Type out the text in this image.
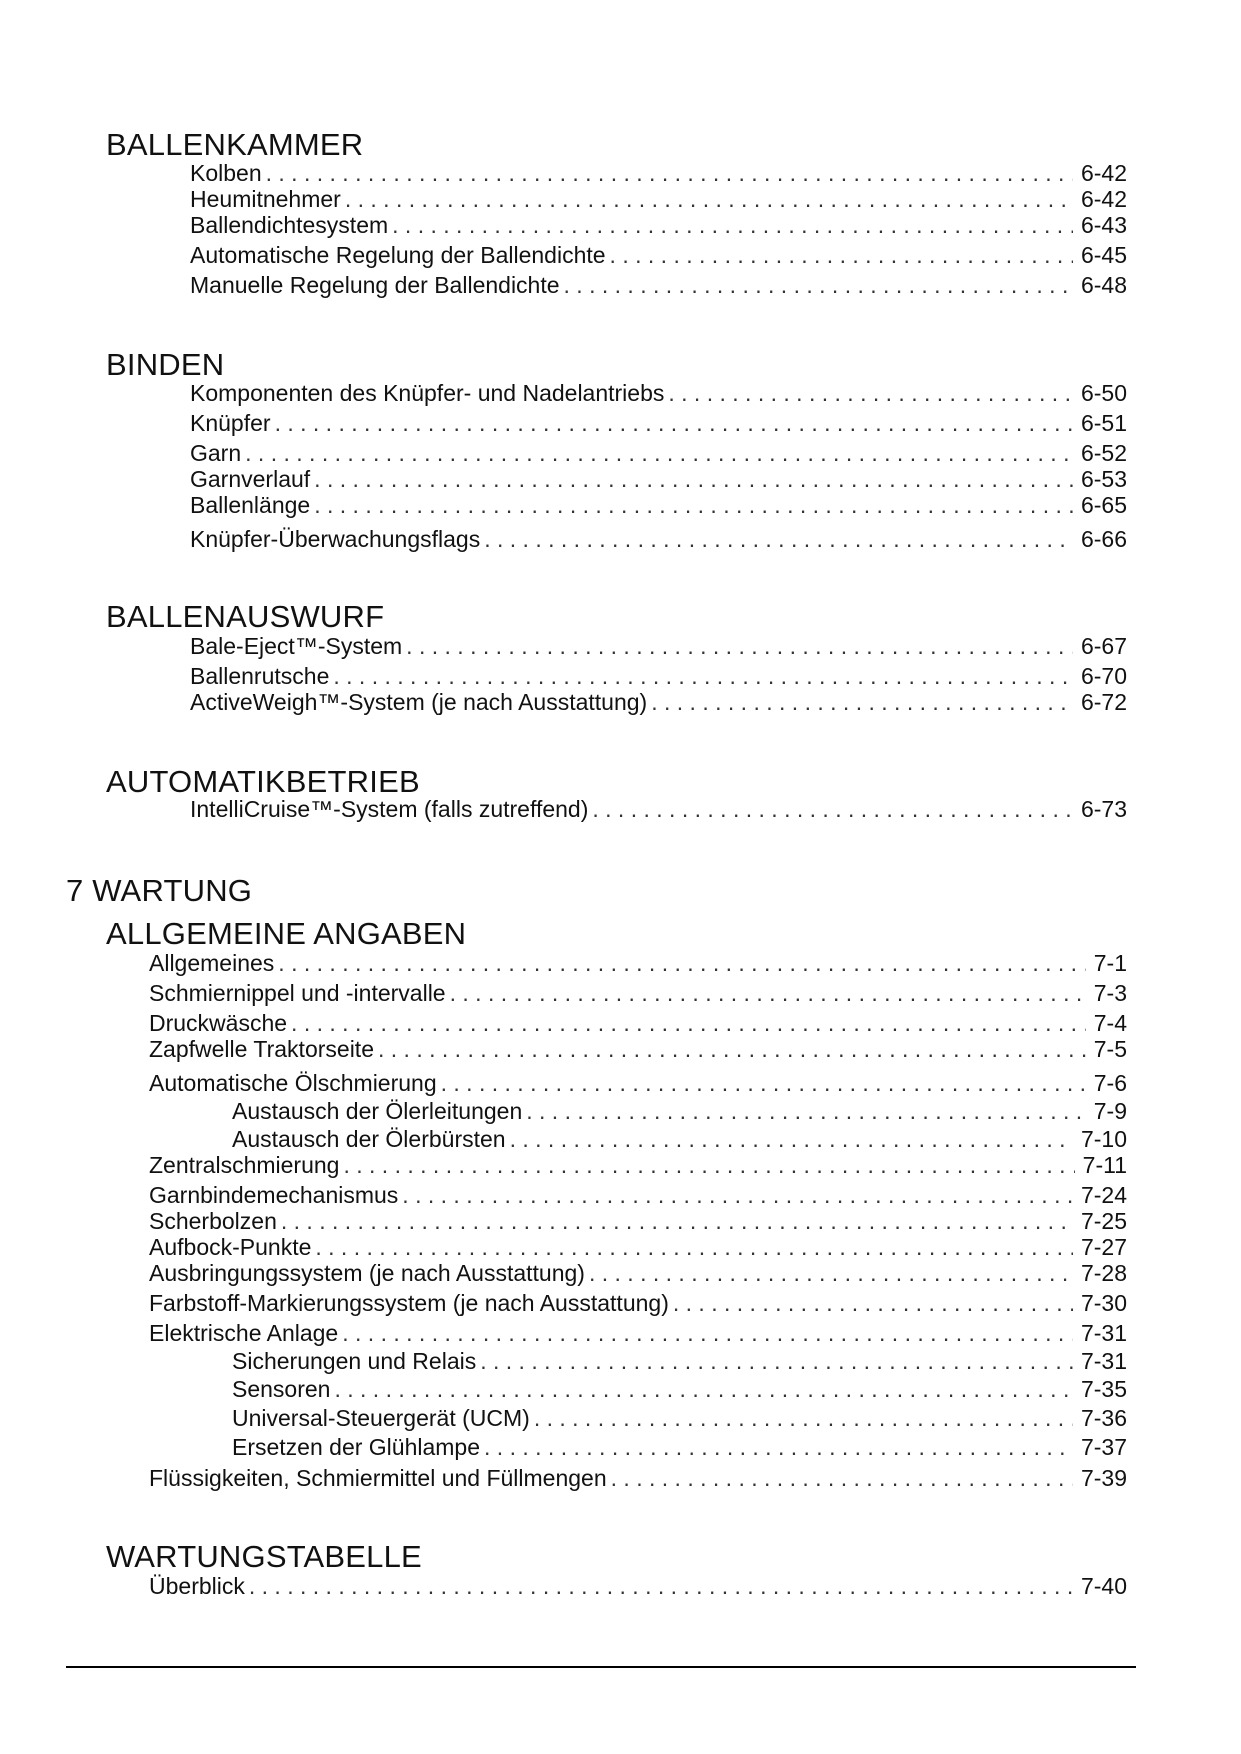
BALLENKAMMER
BINDEN
BALLENAUSWURF
AUTOMATIKBETRIEB
7 WARTUNG
ALLGEMEINE ANGABEN
WARTUNGSTABELLE
Kolben . . .	6-42
Heumitnehmer . . .	6-42
Ballendichtesystem . . .	6-43
Automatische Regelung der Ballendichte . . .	6-45
Manuelle Regelung der Ballendichte . . .	6-48
Komponenten des Knüpfer- und Nadelantriebs . . .	6-50
Knüpfer . . .	6-51
Garn . . .	6-52
Garnverlauf . . .	6-53
Ballenlänge . . .	6-65
Knüpfer-Überwachungsflags . . .	6-66
Bale-Eject™-System . . .	6-67
Ballenrutsche . . .	6-70
ActiveWeigh™-System (je nach Ausstattung) . . .	6-72
IntelliCruise™-System (falls zutreffend) . . .	6-73
Allgemeines . . .	7-1
Schmiernippel und -intervalle . . .	7-3
Druckwäsche . . .	7-4
Zapfwelle Traktorseite . . .	7-5
Automatische Ölschmierung . . .	7-6
Austausch der Ölerleitungen . . .	7-9
Austausch der Ölerbürsten . . .	7-10
Zentralschmierung . . .	7-11
Garnbindemechanismus . . .	7-24
Scherbolzen . . .	7-25
Aufbock-Punkte . . .	7-27
Ausbringungssystem (je nach Ausstattung) . . .	7-28
Farbstoff-Markierungssystem (je nach Ausstattung) . . .	7-30
Elektrische Anlage . . .	7-31
Sicherungen und Relais . . .	7-31
Sensoren . . .	7-35
Universal-Steuergerät (UCM) . . .	7-36
Ersetzen der Glühlampe . . .	7-37
Flüssigkeiten, Schmiermittel und Füllmengen . . .	7-39
Überblick . . .	7-40
